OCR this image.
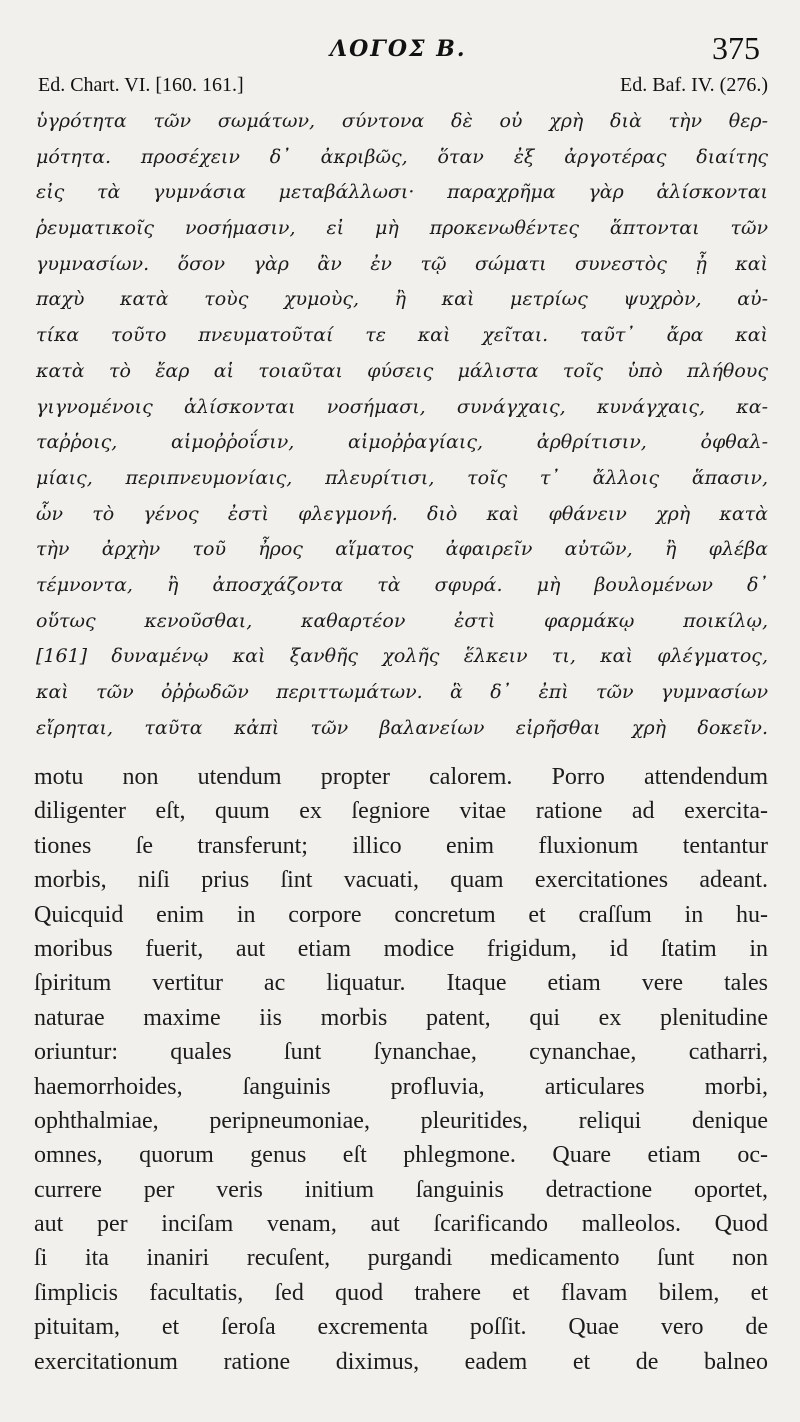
ΛΟΓΟΣ Β.	375
Ed. Chart. VI. [160. 161.]	Ed. Baf. IV. (276.)
ὑγρότητα τῶν σωμάτων, σύντονα δὲ οὐ χρὴ διὰ τὴν θερ-
μότητα. προσέχειν δ᾽ ἀκριβῶς, ὅταν ἐξ ἀργοτέρας διαίτης
εἰς τὰ γυμνάσια μεταβάλλωσι· παραχρῆμα γὰρ ἁλίσκονται
ῥευματικοῖς νοσήμασιν, εἰ μὴ προκενωθέντες ἅπτονται τῶν
γυμνασίων. ὅσον γὰρ ἂν ἐν τῷ σώματι συνεστὸς ᾖ καὶ
παχὺ κατὰ τοὺς χυμοὺς, ἢ καὶ μετρίως ψυχρὸν, αὐ-
τίκα τοῦτο πνευματοῦταί τε καὶ χεῖται. ταῦτ᾽ ἄρα καὶ
κατὰ τὸ ἔαρ αἱ τοιαῦται φύσεις μάλιστα τοῖς ὑπὸ πλήθους
γιγνομένοις ἁλίσκονται νοσήμασι, συνάγχαις, κυνάγχαις, κα-
ταῤῥοις, αἱμοῤῥοΐσιν, αἱμοῤῥαγίαις, ἀρθρίτισιν, ὀφθαλ-
μίαις, περιπνευμονίαις, πλευρίτισι, τοῖς τ᾽ ἄλλοις ἅπασιν,
ὧν τὸ γένος ἐστὶ φλεγμονή. διὸ καὶ φθάνειν χρὴ κατὰ
τὴν ἀρχὴν τοῦ ἦρος αἵματος ἀφαιρεῖν αὐτῶν, ἢ φλέβα
τέμνοντα, ἢ ἀποσχάζοντα τὰ σφυρά. μὴ βουλομένων δ᾽
οὕτως κενοῦσθαι, καθαρτέον ἐστὶ φαρμάκῳ ποικίλῳ,
[161] δυναμένῳ καὶ ξανθῆς χολῆς ἕλκειν τι, καὶ φλέγματος,
καὶ τῶν ὀῤῥωδῶν περιττωμάτων. ἃ δ᾽ ἐπὶ τῶν γυμνασίων
εἴρηται, ταῦτα κἀπὶ τῶν βαλανείων εἰρῆσθαι χρὴ δοκεῖν.
motu non utendum propter calorem. Porro attendendum
diligenter eſt, quum ex ſegniore vitae ratione ad exercita-
tiones ſe transferunt; illico enim fluxionum tentantur
morbis, niſi prius ſint vacuati, quam exercitationes adeant.
Quicquid enim in corpore concretum et craſſum in hu-
moribus fuerit, aut etiam modice frigidum, id ſtatim in
ſpiritum vertitur ac liquatur. Itaque etiam vere tales
naturae maxime iis morbis patent, qui ex plenitudine
oriuntur: quales ſunt ſynanchae, cynanchae, catharri,
haemorrhoides, ſanguinis profluvia, articulares morbi,
ophthalmiae, peripneumoniae, pleuritides, reliqui denique
omnes, quorum genus eſt phlegmone. Quare etiam oc-
currere per veris initium ſanguinis detractione oportet,
aut per inciſam venam, aut ſcarificando malleolos. Quod
ſi ita inaniri recuſent, purgandi medicamento ſunt non
ſimplicis facultatis, ſed quod trahere et flavam bilem, et
pituitam, et ſeroſa excrementa poſſit. Quae vero de
exercitationum ratione diximus, eadem et de balneo
